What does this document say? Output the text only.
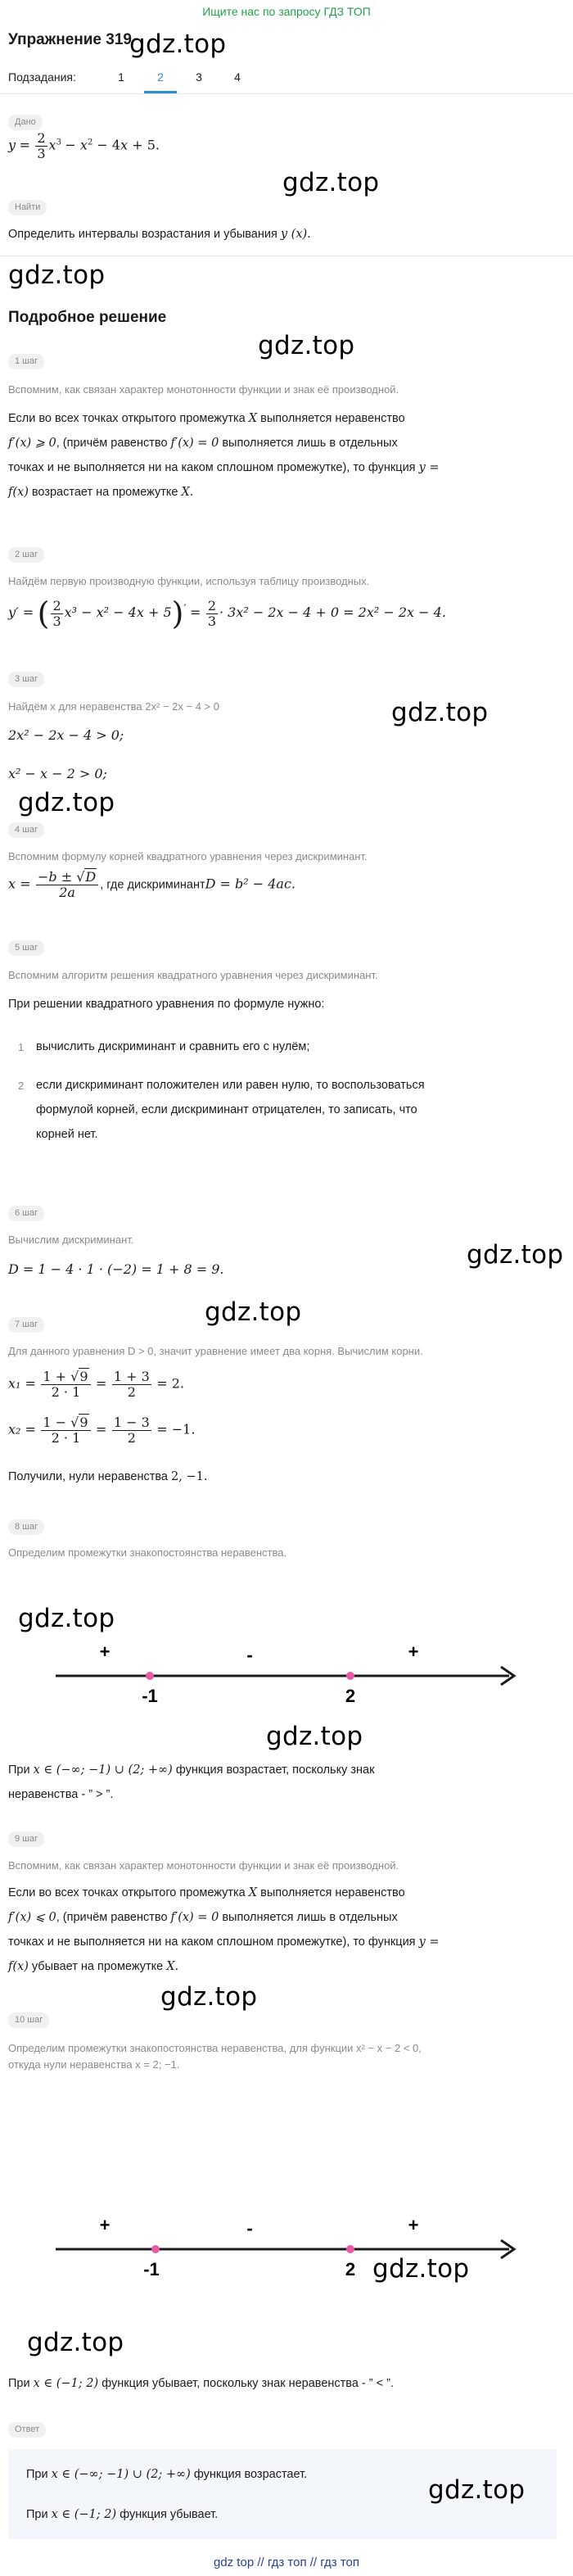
Ищите нас по запросу ГДЗ ТОП
Упражнение 319
gdz.top
Подзадания:	1	2	3	4
Дано
$y = \frac{2}{3} x^3 - x^2 - 4x + 5$.
gdz.top
Найти
Определить интервалы возрастания и убывания y (x).
gdz.top
Подробное решение
gdz.top
1 шаг
Вспомним, как связан характер монотонности функции и знак её производной.
Если во всех точках открытого промежутка X выполняется неравенство
f′(x) ⩾ 0, (причём равенство f′(x) = 0 выполняется лишь в отдельных
точках и не выполняется ни на каком сплошном промежутке), то функция y =
f(x) возрастает на промежутке X.
2 шаг
Найдём первую производную функции, используя таблицу производных.
y′ = ( $\frac{2}{3} x^3 - x^2 - 4x + 5)' = \frac{2}{3} \cdot 3x^2 - 2x - 4 + 0 = 2x^2 - 2x - 4$.
3 шаг
Найдём x для неравенства 2x² − 2x − 4 > 0	gdz.top
2x² − 2x − 4 > 0;
x² − x − 2 > 0;
gdz.top
4 шаг
Вспомним формулу корней квадратного уравнения через дискриминант.
$x = \frac{-b \pm √D}{2a}$ , где дискриминантD = b² − 4ac.
5 шаг
Вспомним алгоритм решения квадратного уравнения через дискриминант.
При решении квадратного уравнения по формуле нужно:
1 вычислить дискриминант и сравнить его с нулём;
2 если дискриминант положителен или равен нулю, то воспользоваться
формулой корней, если дискриминант отрицателен, то записать, что
корней нет.
6 шаг
Вычислим дискриминант.
gdz.top
D = 1 − 4 · 1 · (−2) = 1 + 8 = 9.
gdz.top
7 шаг
Для данного уравнения D > 0, значит уравнение имеет два корня. Вычислим корни.
$x_1 = \frac{1 + √9}{2 \cdot 1} = \frac{1 + 3}{2} = 2$.
$x_2 = \frac{1 - √9}{2 \cdot 1} = \frac{1 - 3}{2} = -1$.
Получили, нули неравенства 2, −1.
8 шаг
Определим промежутки знакопостоянства неравенства.
gdz.top
+	-	+
-1	2
gdz.top
При x ∈ (−∞; −1) ∪ (2; +∞) функция возрастает, поскольку знак
неравенства - ” > ”.
9 шаг
Вспомним, как связан характер монотонности функции и знак её производной.
Если во всех точках открытого промежутка X выполняется неравенство
f′(x) ⩽ 0, (причём равенство f′(x) = 0 выполняется лишь в отдельных
точках и не выполняется ни на каком сплошном промежутке), то функция y =
f(x) убывает на промежутке X.
gdz.top
10 шаг
Определим промежутки знакопостоянства неравенства, для функции x² − x − 2 < 0,
откуда нули неравенства x = 2; −1.
+	-	+
-1	2 gdz.top
gdz.top
При x ∈ (−1; 2) функция убывает, поскольку знак неравенства - ” < ”.
Ответ
При x ∈ (−∞; −1) ∪ (2; +∞) функция возрастает.
При x ∈ (−1; 2) функция убывает.
gdz.top
gdz top // гдз топ // гдз топ
